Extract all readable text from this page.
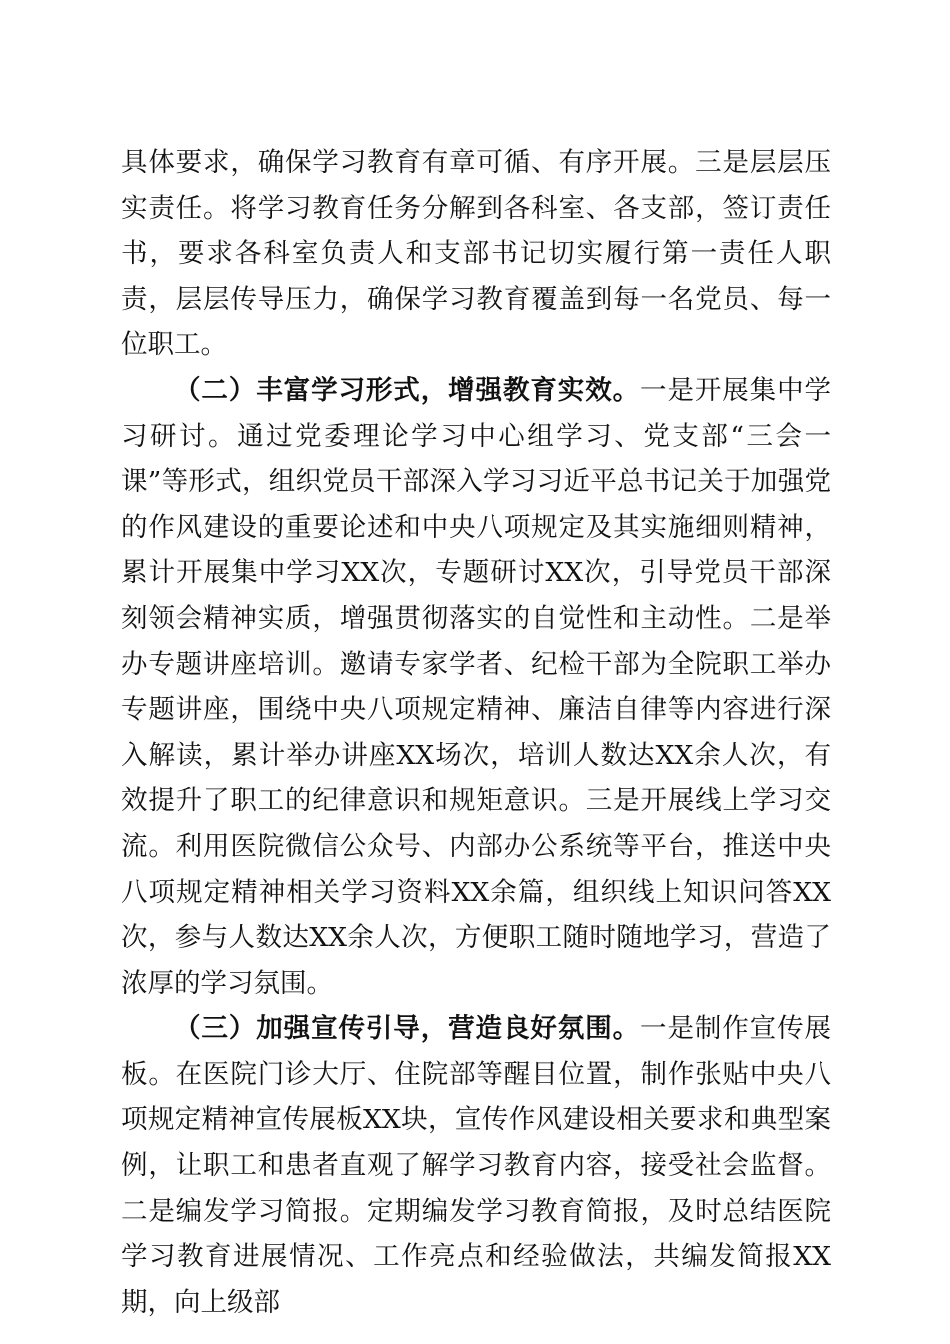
具体要求，确保学习教育有章可循、有序开展。三是层层压实责任。将学习教育任务分解到各科室、各支部，签订责任书，要求各科室负责人和支部书记切实履行第一责任人职责，层层传导压力，确保学习教育覆盖到每一名党员、每一位职工。

（二）丰富学习形式，增强教育实效。一是开展集中学习研讨。通过党委理论学习中心组学习、党支部“三会一课”等形式，组织党员干部深入学习习近平总书记关于加强党的作风建设的重要论述和中央八项规定及其实施细则精神，累计开展集中学习XX次，专题研讨XX次，引导党员干部深刻领会精神实质，增强贯彻落实的自觉性和主动性。二是举办专题讲座培训。邀请专家学者、纪检干部为全院职工举办专题讲座，围绕中央八项规定精神、廉洁自律等内容进行深入解读，累计举办讲座XX场次，培训人数达XX余人次，有效提升了职工的纪律意识和规矩意识。三是开展线上学习交流。利用医院微信公众号、内部办公系统等平台，推送中央八项规定精神相关学习资料XX余篇，组织线上知识问答XX次，参与人数达XX余人次，方便职工随时随地学习，营造了浓厚的学习氛围。

（三）加强宣传引导，营造良好氛围。一是制作宣传展板。在医院门诊大厅、住院部等醒目位置，制作张贴中央八项规定精神宣传展板XX块，宣传作风建设相关要求和典型案例，让职工和患者直观了解学习教育内容，接受社会监督。二是编发学习简报。定期编发学习教育简报，及时总结医院学习教育进展情况、工作亮点和经验做法，共编发简报XX期，向上级部
